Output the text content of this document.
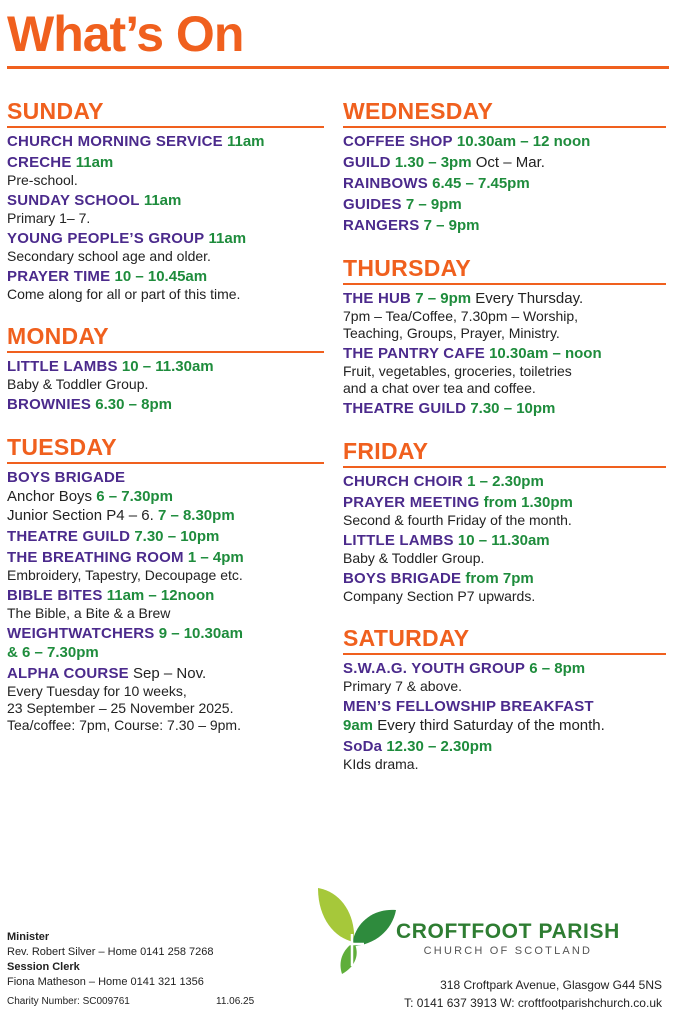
What’s On
SUNDAY
CHURCH MORNING SERVICE 11am
CRECHE 11am
Pre-school.
SUNDAY SCHOOL 11am
Primary 1– 7.
YOUNG PEOPLE’S GROUP 11am
Secondary school age and older.
PRAYER TIME 10 – 10.45am
Come along for all or part of this time.
MONDAY
LITTLE LAMBS 10 – 11.30am
Baby & Toddler Group.
BROWNIES 6.30 – 8pm
TUESDAY
BOYS BRIGADE
Anchor Boys 6 – 7.30pm
Junior Section P4 – 6. 7 – 8.30pm
THEATRE GUILD 7.30 – 10pm
THE BREATHING ROOM 1 – 4pm
Embroidery, Tapestry, Decoupage etc.
BIBLE BITES 11am – 12noon
The Bible, a Bite & a Brew
WEIGHTWATCHERS 9 – 10.30am
& 6 – 7.30pm
ALPHA COURSE Sep – Nov.
Every Tuesday for 10 weeks,
23 September – 25 November 2025.
Tea/coffee: 7pm, Course: 7.30 – 9pm.
WEDNESDAY
COFFEE SHOP 10.30am – 12 noon
GUILD 1.30 – 3pm Oct – Mar.
RAINBOWS 6.45 – 7.45pm
GUIDES 7 – 9pm
RANGERS 7 – 9pm
THURSDAY
THE HUB 7 – 9pm Every Thursday.
7pm – Tea/Coffee, 7.30pm – Worship,
Teaching, Groups, Prayer, Ministry.
THE PANTRY CAFE 10.30am – noon
Fruit, vegetables, groceries, toiletries
and a chat over tea and coffee.
THEATRE GUILD 7.30 – 10pm
FRIDAY
CHURCH CHOIR 1 – 2.30pm
PRAYER MEETING from 1.30pm
Second & fourth Friday of the month.
LITTLE LAMBS 10 – 11.30am
Baby & Toddler Group.
BOYS BRIGADE from 7pm
Company Section P7 upwards.
SATURDAY
S.W.A.G. YOUTH GROUP 6 – 8pm
Primary 7 & above.
MEN’S FELLOWSHIP BREAKFAST
9am Every third Saturday of the month.
SoDa 12.30 – 2.30pm
KIds drama.
Minister
Rev. Robert Silver – Home 0141 258 7268
Session Clerk
Fiona Matheson – Home 0141 321 1356
Charity Number: SC009761	11.06.25
CROFTFOOT PARISH
CHURCH OF SCOTLAND
318 Croftpark Avenue, Glasgow G44 5NS
T: 0141 637 3913 W: croftfootparishchurch.co.uk
